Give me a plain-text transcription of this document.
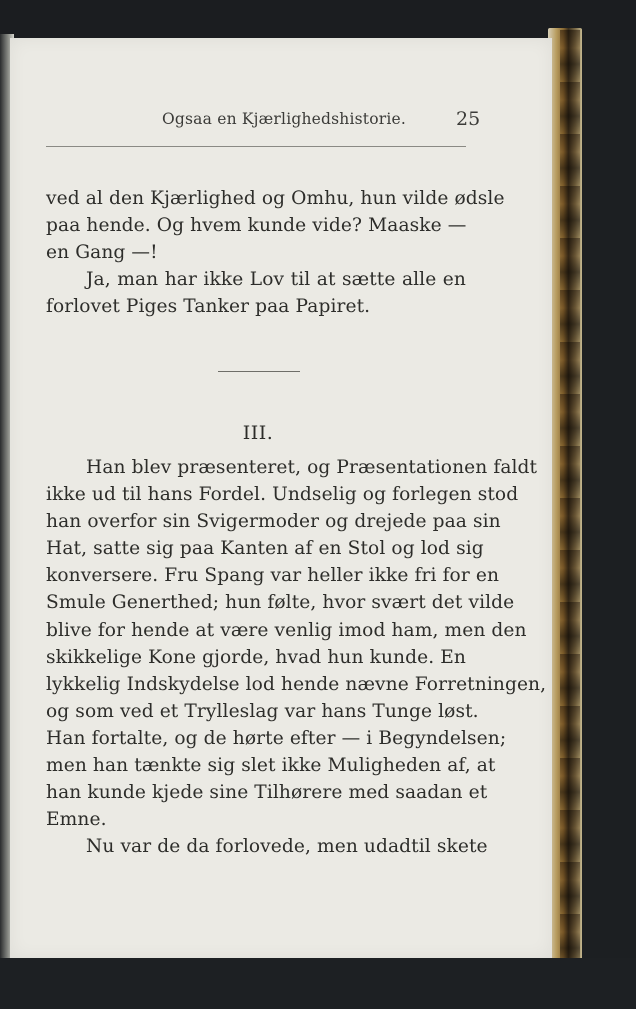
Ogsaa en Kjærlighedshistorie.	25
ved al den Kjærlighed og Omhu, hun vilde ødsle
paa hende. Og hvem kunde vide? Maaske —
en Gang —!
Ja, man har ikke Lov til at sætte alle en
forlovet Piges Tanker paa Papiret.
III.
Han blev præsenteret, og Præsentationen faldt
ikke ud til hans Fordel. Undselig og forlegen stod
han overfor sin Svigermoder og drejede paa sin
Hat, satte sig paa Kanten af en Stol og lod sig
konversere. Fru Spang var heller ikke fri for en
Smule Generthed; hun følte, hvor svært det vilde
blive for hende at være venlig imod ham, men den
skikkelige Kone gjorde, hvad hun kunde. En
lykkelig Indskydelse lod hende nævne Forretningen,
og som ved et Trylleslag var hans Tunge løst.
Han fortalte, og de hørte efter — i Begyndelsen;
men han tænkte sig slet ikke Muligheden af, at
han kunde kjede sine Tilhørere med saadan et
Emne.
Nu var de da forlovede, men udadtil skete
